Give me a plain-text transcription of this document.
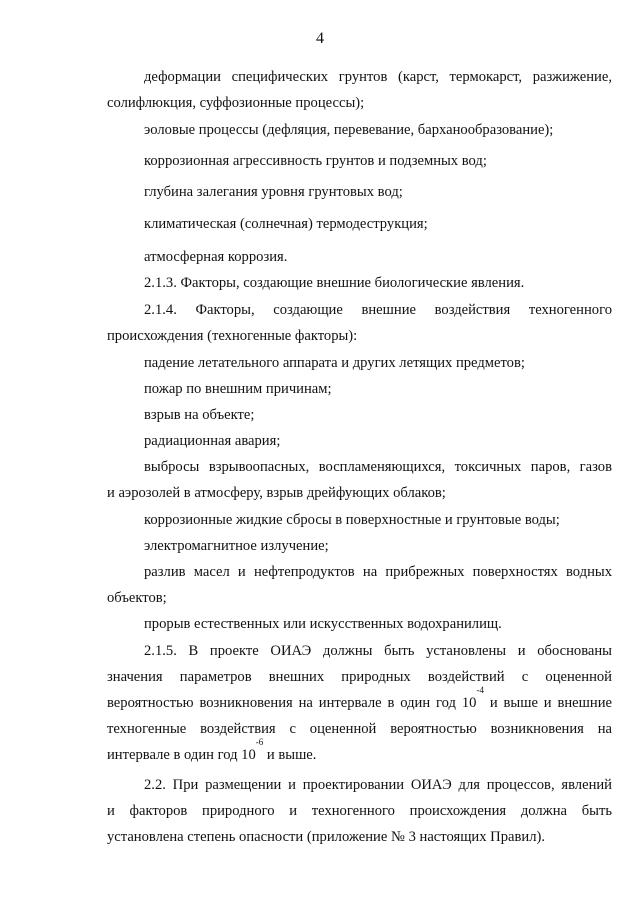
4
деформации специфических грунтов (карст, термокарст, разжижение,
солифлюкция, суффозионные процессы);
эоловые процессы (дефляция, перевевание, барханообразование);
коррозионная агрессивность грунтов и подземных вод;
глубина залегания уровня грунтовых вод;
климатическая (солнечная) термодеструкция;
атмосферная коррозия.
2.1.3. Факторы, создающие внешние биологические явления.
2.1.4. Факторы, создающие внешние воздействия техногенного
происхождения (техногенные факторы):
падение летательного аппарата и других летящих предметов;
пожар по внешним причинам;
взрыв на объекте;
радиационная авария;
выбросы взрывоопасных, воспламеняющихся, токсичных паров, газов
и аэрозолей в атмосферу, взрыв дрейфующих облаков;
коррозионные жидкие сбросы в поверхностные и грунтовые воды;
электромагнитное излучение;
разлив масел и нефтепродуктов на прибрежных поверхностях водных
объектов;
прорыв естественных или искусственных водохранилищ.
2.1.5. В проекте ОИАЭ должны быть установлены и обоснованы
значения параметров внешних природных воздействий с оцененной
вероятностью возникновения на интервале в один год $10^{-4}$ и выше и внешние
техногенные воздействия с оцененной вероятностью возникновения на
интервале в один год $10^{-6}$ и выше.
2.2. При размещении и проектировании ОИАЭ для процессов, явлений
и факторов природного и техногенного происхождения должна быть
установлена степень опасности (приложение № 3 настоящих Правил).
